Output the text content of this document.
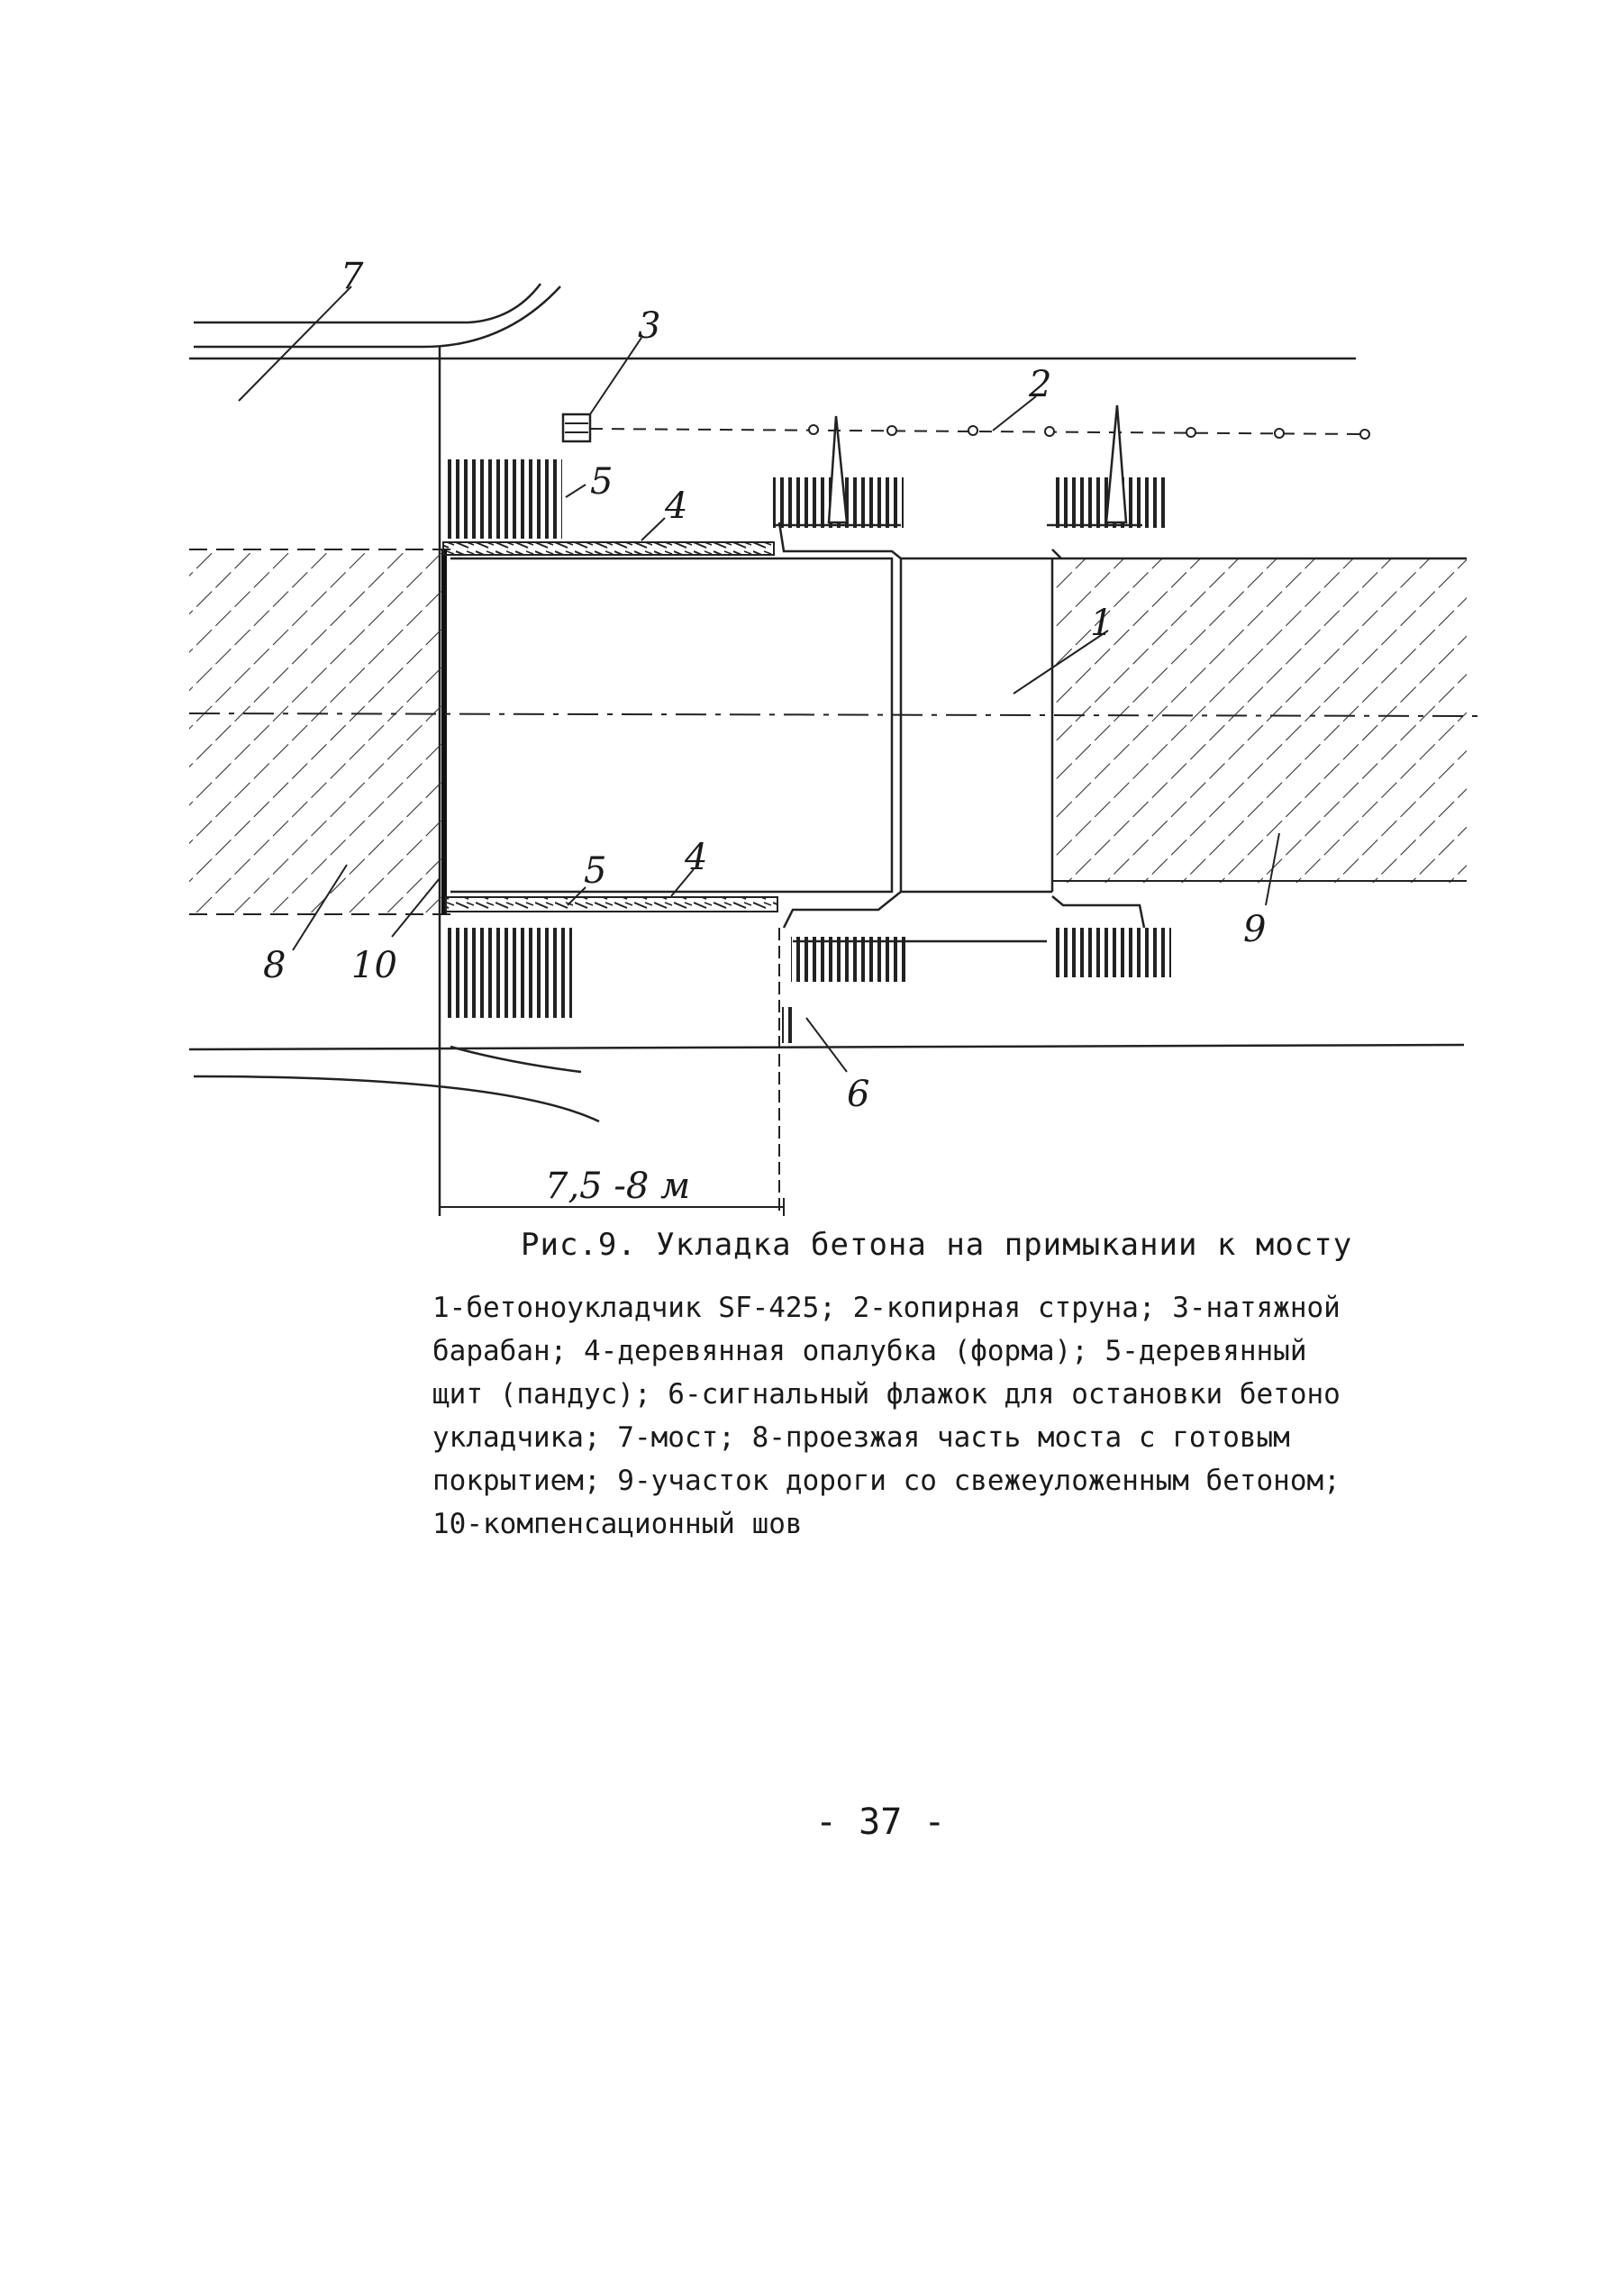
7
3
2
5
4
1
5 4
8 10
9
6
7,5 -8 м
Рис.9. Укладка бетона на примыкании к мосту
1-бетоноукладчик SF-425; 2-копирная струна; 3-натяжной
барабан; 4-деревянная опалубка (форма); 5-деревянный
щит (пандус); 6-сигнальный флажок для остановки бетоно
укладчика; 7-мост; 8-проезжая часть моста с готовым
покрытием; 9-участок дороги со свежеуложенным бетоном;
10-компенсационный шов
- 37 -
